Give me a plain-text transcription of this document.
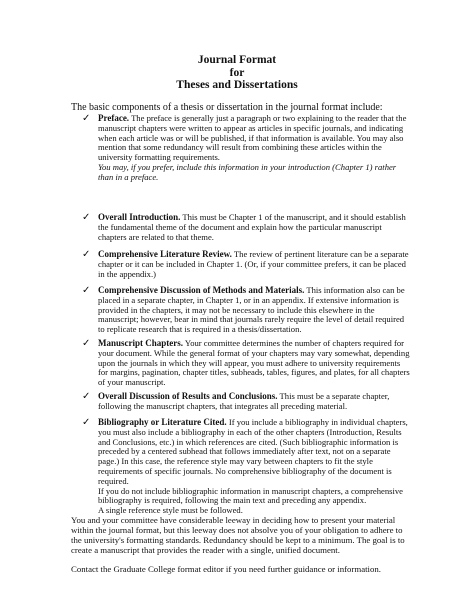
Journal Format
for
Theses and Dissertations
The basic components of a thesis or dissertation in the journal format include:
✓ Preface. The preface is generally just a paragraph or two explaining to the reader that the manuscript chapters were written to appear as articles in specific journals, and indicating when each article was or will be published, if that information is available. You may also mention that some redundancy will result from combining these articles within the university formatting requirements.
You may, if you prefer, include this information in your introduction (Chapter 1) rather than in a preface.
✓ Overall Introduction. This must be Chapter 1 of the manuscript, and it should establish the fundamental theme of the document and explain how the particular manuscript chapters are related to that theme.
✓ Comprehensive Literature Review. The review of pertinent literature can be a separate chapter or it can be included in Chapter 1. (Or, if your committee prefers, it can be placed in the appendix.)
✓ Comprehensive Discussion of Methods and Materials. This information also can be placed in a separate chapter, in Chapter 1, or in an appendix. If extensive information is provided in the chapters, it may not be necessary to include this elsewhere in the manuscript; however, bear in mind that journals rarely require the level of detail required to replicate research that is required in a thesis/dissertation.
✓ Manuscript Chapters. Your committee determines the number of chapters required for your document. While the general format of your chapters may vary somewhat, depending upon the journals in which they will appear, you must adhere to university requirements for margins, pagination, chapter titles, subheads, tables, figures, and plates, for all chapters of your manuscript.
✓ Overall Discussion of Results and Conclusions. This must be a separate chapter, following the manuscript chapters, that integrates all preceding material.
✓ Bibliography or Literature Cited. If you include a bibliography in individual chapters, you must also include a bibliography in each of the other chapters (Introduction, Results and Conclusions, etc.) in which references are cited. (Such bibliographic information is preceded by a centered subhead that follows immediately after text, not on a separate page.) In this case, the reference style may vary between chapters to fit the style requirements of specific journals. No comprehensive bibliography of the document is required.
If you do not include bibliographic information in manuscript chapters, a comprehensive bibliography is required, following the main text and preceding any appendix.
A single reference style must be followed.
You and your committee have considerable leeway in deciding how to present your material within the journal format, but this leeway does not absolve you of your obligation to adhere to the university's formatting standards. Redundancy should be kept to a minimum. The goal is to create a manuscript that provides the reader with a single, unified document.
Contact the Graduate College format editor if you need further guidance or information.
